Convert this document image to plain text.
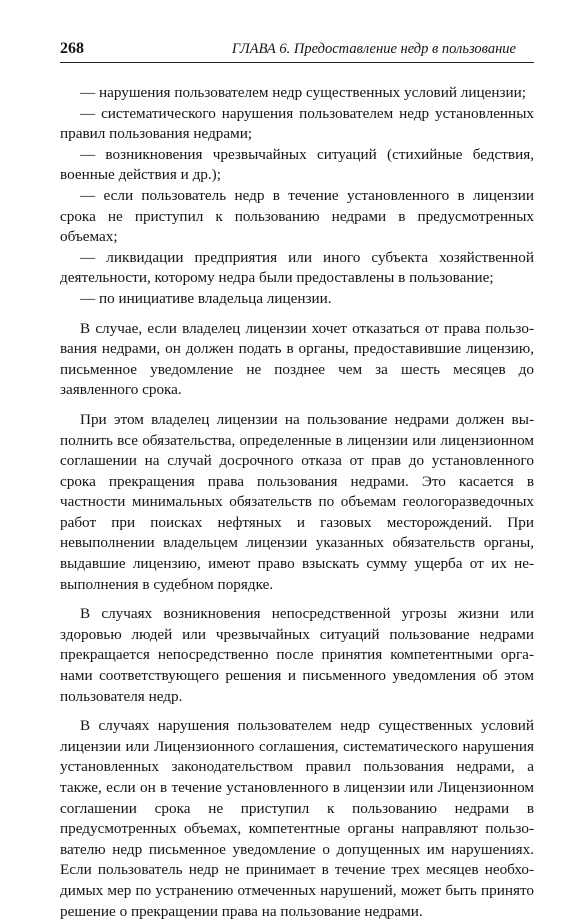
268	ГЛАВА 6. Предоставление недр в пользование

— нарушения пользователем недр существенных условий лицензии;

— систематического нарушения пользователем недр установленных правил пользования недрами;

— возникновения чрезвычайных ситуаций (стихийные бедствия, военные действия и др.);

— если пользователь недр в течение установленного в лицензии срока не приступил к пользованию недрами в предусмотренных объемах;

— ликвидации предприятия или иного субъекта хозяйственной деятельности, которому недра были предоставлены в пользование;

— по инициативе владельца лицензии.

В случае, если владелец лицензии хочет отказаться от права пользования недрами, он должен подать в органы, предоставившие лицензию, письменное уведомление не позднее чем за шесть месяцев до заявленного срока.

При этом владелец лицензии на пользование недрами должен выполнить все обязательства, определенные в лицензии или лицензионном соглашении на случай досрочного отказа от прав до установленного срока прекращения права пользования недрами. Это касается в частности минимальных обязательств по объемам геологоразведочных работ при поисках нефтяных и газовых месторождений. При невыполнении владельцем лицензии указанных обязательств органы, выдавшие лицензию, имеют право взыскать сумму ущерба от их невыполнения в судебном порядке.

В случаях возникновения непосредственной угрозы жизни или здоровью людей или чрезвычайных ситуаций пользование недрами прекращается непосредственно после принятия компетентными органами соответствующего решения и письменного уведомления об этом пользователя недр.

В случаях нарушения пользователем недр существенных условий лицензии или Лицензионного соглашения, систематического нарушения установленных законодательством правил пользования недрами, а также, если он в течение установленного в лицензии или Лицензионном соглашении срока не приступил к пользованию недрами в предусмотренных объемах, компетентные органы направляют пользователю недр письменное уведомление о допущенных им нарушениях. Если пользователь недр не принимает в течение трех месяцев необходимых мер по устранению отмеченных нарушений, может быть принято решение о прекращении права на пользование недрами.
